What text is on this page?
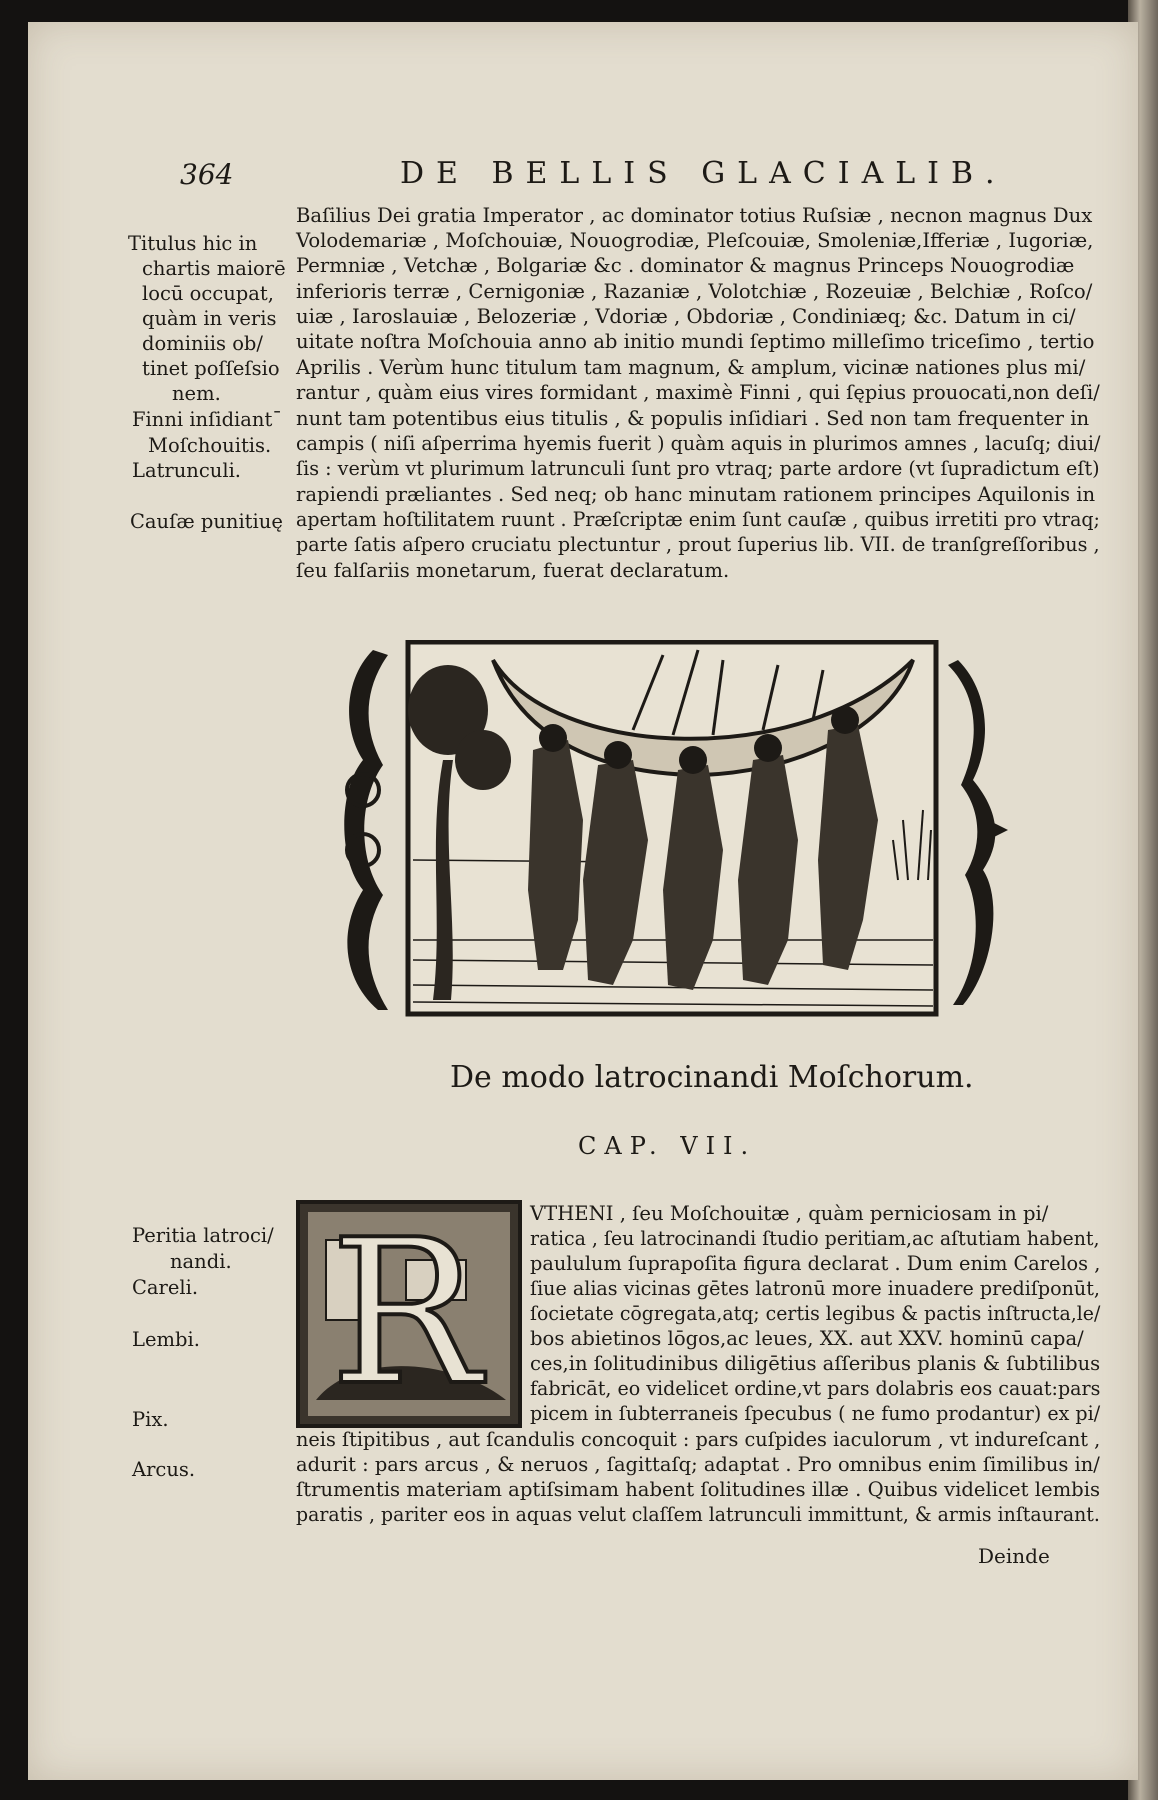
364	DE BELLIS GLACIALIB.
Titulus hic in
chartis maiorē
locū occupat,
quàm in veris
dominiis ob/
tinet poſſeſsio
nem.
Finni inſidiantˉ
Moſchouitis.
Latrunculi.
Cauſæ punitiuę
Baſilius Dei gratia Imperator , ac dominator totius Ruſsiæ , necnon magnus Dux
Volodemariæ , Moſchouiæ, Nouogrodiæ, Pleſcouiæ, Smoleniæ,Ifferiæ , Iugoriæ,
Permniæ , Vetchæ , Bolgariæ &c . dominator & magnus Princeps Nouogrodiæ
inferioris terræ , Cernigoniæ , Razaniæ , Volotchiæ , Rozeuiæ , Belchiæ , Roſco/
uiæ , Iaroslauiæ , Belozeriæ , Vdoriæ , Obdoriæ , Condiniæq; &c. Datum in ci/
uitate noſtra Moſchouia anno ab initio mundi ſeptimo milleſimo triceſimo , tertio
Aprilis . Verùm hunc titulum tam magnum, & amplum, vicinæ nationes plus mi/
rantur , quàm eius vires formidant , maximè Finni , qui ſępius prouocati,non deſi/
nunt tam potentibus eius titulis , & populis inſidiari . Sed non tam frequenter in
campis ( niſi aſperrima hyemis fuerit ) quàm aquis in plurimos amnes , lacuſq; diui/
ſis : verùm vt plurimum latrunculi ſunt pro vtraq; parte ardore (vt ſupradictum eſt)
rapiendi præliantes . Sed neq; ob hanc minutam rationem principes Aquilonis in
apertam hoſtilitatem ruunt . Præſcriptæ enim ſunt cauſæ , quibus irretiti pro vtraq;
parte ſatis aſpero cruciatu plectuntur , prout ſuperius lib. VII. de tranſgreſſoribus ,
ſeu falſariis monetarum, fuerat declaratum.
De modo latrocinandi Moſchorum.
CAP. VII.
Peritia latroci/
nandi.
Careli.
Lembi.
Pix.
Arcus.
R	VTHENI , ſeu Moſchouitæ , quàm perniciosam in pi/
ratica , ſeu latrocinandi ſtudio peritiam,ac aſtutiam habent,
paululum ſuprapoſita figura declarat . Dum enim Carelos ,
ſiue alias vicinas gētes latronū more inuadere prediſponūt,
ſocietate cōgregata,atq; certis legibus & pactis inſtructa,le/
bos abietinos lōgos,ac leues, XX. aut XXV. hominū capa/
ces,in ſolitudinibus diligētius aſſeribus planis & ſubtilibus
fabricāt, eo videlicet ordine,vt pars dolabris eos cauat:pars
picem in ſubterraneis ſpecubus ( ne fumo prodantur) ex pi/
neis ſtipitibus , aut ſcandulis concoquit : pars cuſpides iaculorum , vt indureſcant ,
adurit : pars arcus , & neruos , ſagittaſq; adaptat . Pro omnibus enim ſimilibus in/
ſtrumentis materiam aptiſsimam habent ſolitudines illæ . Quibus videlicet lembis
paratis , pariter eos in aquas velut claſſem latrunculi immittunt, & armis inſtaurant.
Deinde
